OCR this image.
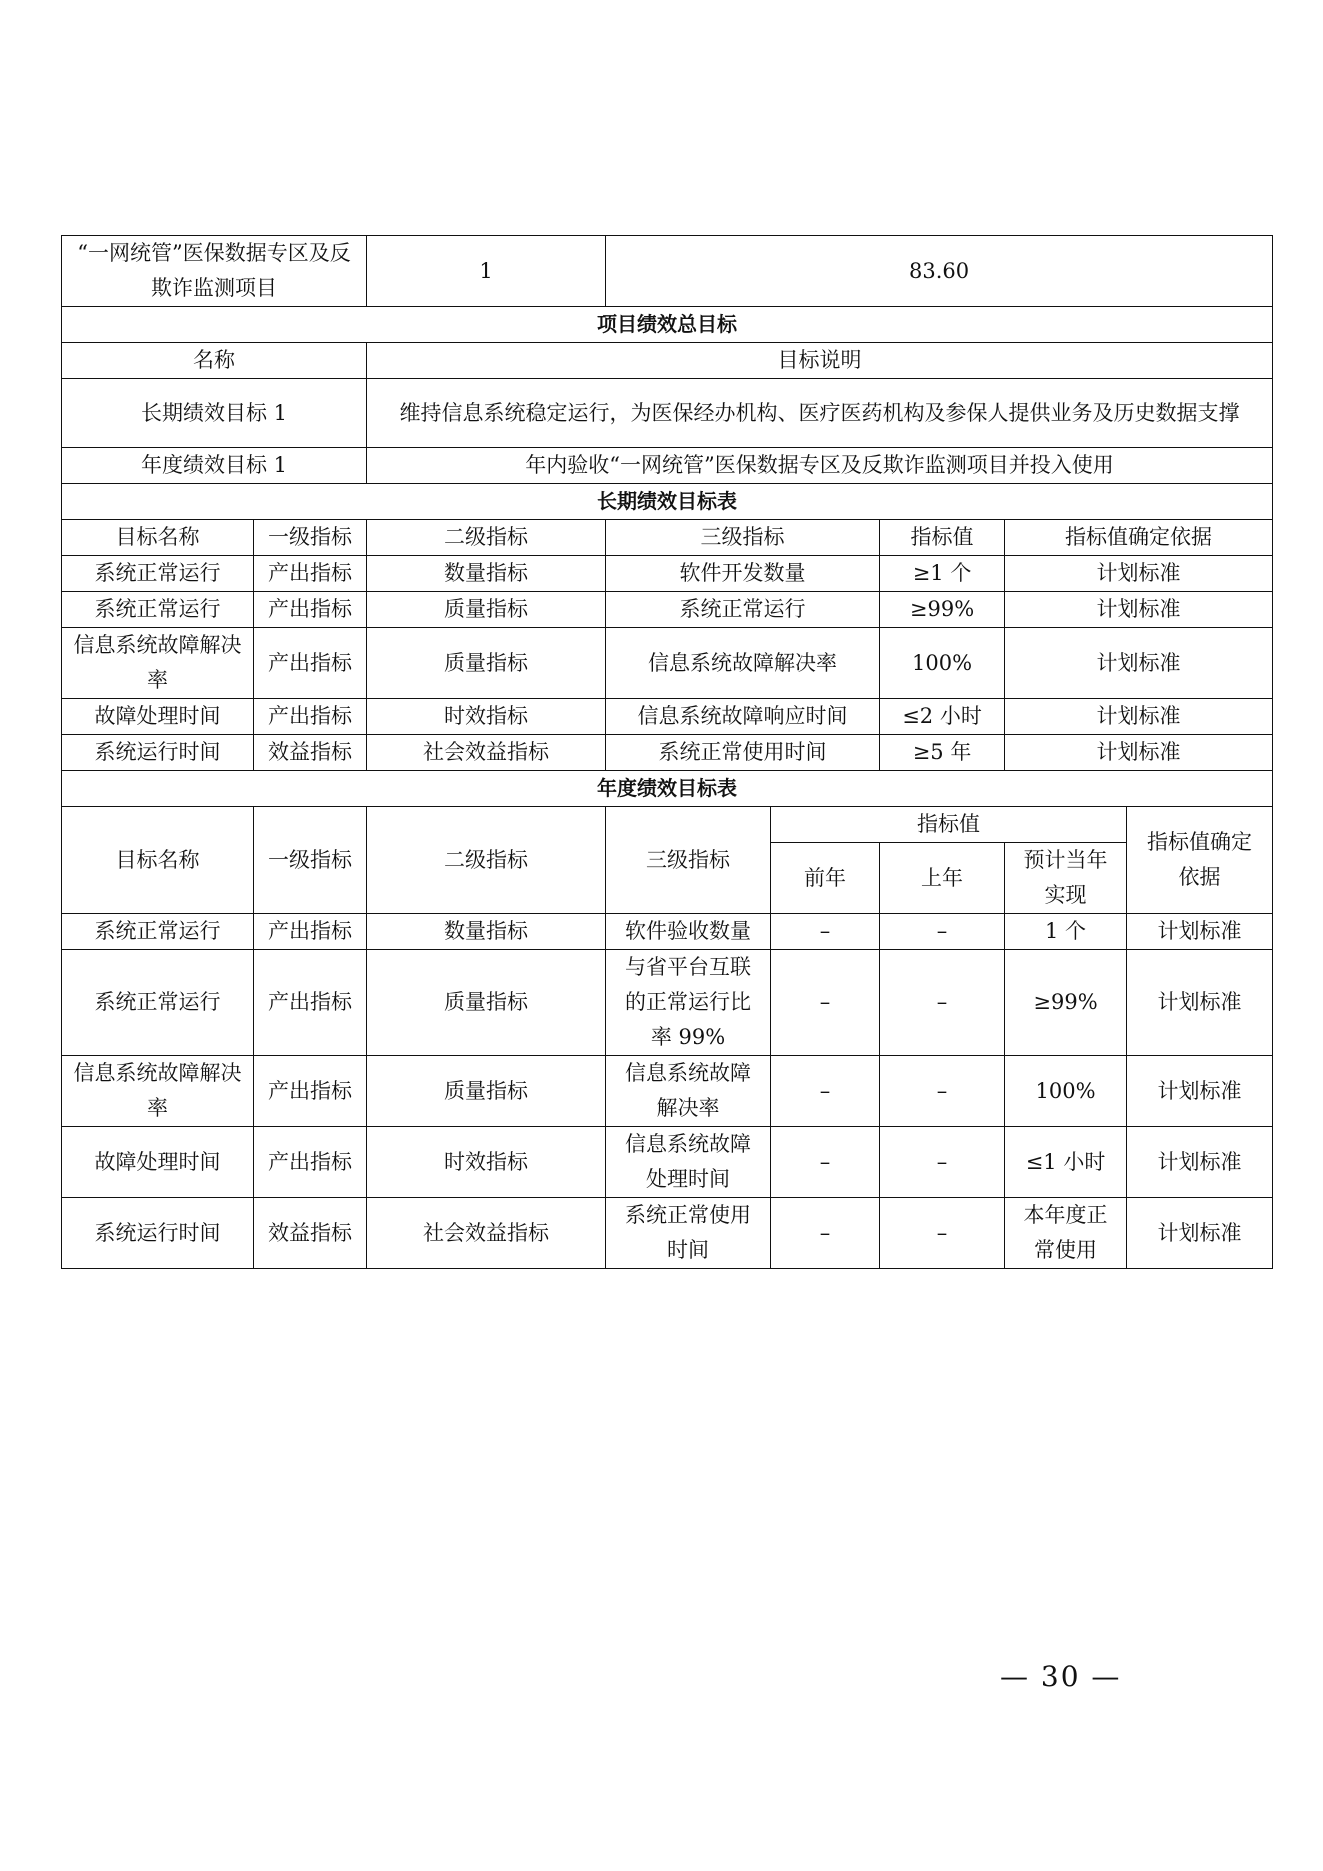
“一网统管”医保数据专区及反欺诈监测项目		1	83.60				
项目绩效总目标							
名称		目标说明					
长期绩效目标 1		维持信息系统稳定运行，为医保经办机构、医疗医药机构及参保人提供业务及历史数据支撑					
年度绩效目标 1		年内验收“一网统管”医保数据专区及反欺诈监测项目并投入使用					
长期绩效目标表							
目标名称	一级指标	二级指标	三级指标		指标值	指标值确定依据	
系统正常运行	产出指标	数量指标	软件开发数量		≥1 个	计划标准	
系统正常运行	产出指标	质量指标	系统正常运行		≥99%	计划标准	
信息系统故障解决率	产出指标	质量指标	信息系统故障解决率		100%	计划标准	
故障处理时间	产出指标	时效指标	信息系统故障响应时间		≤2 小时	计划标准	
系统运行时间	效益指标	社会效益指标	系统正常使用时间		≥5 年	计划标准	
年度绩效目标表							
目标名称	一级指标	二级指标	三级指标	指标值			指标值确定依据
				前年	上年	预计当年实现	
系统正常运行	产出指标	数量指标	软件验收数量	–	–	1 个	计划标准
系统正常运行	产出指标	质量指标	与省平台互联的正常运行比率 99%	–	–	≥99%	计划标准
信息系统故障解决率	产出指标	质量指标	信息系统故障解决率	–	–	100%	计划标准
故障处理时间	产出指标	时效指标	信息系统故障处理时间	–	–	≤1 小时	计划标准
系统运行时间	效益指标	社会效益指标	系统正常使用时间	–	–	本年度正常使用	计划标准
— 30 —
